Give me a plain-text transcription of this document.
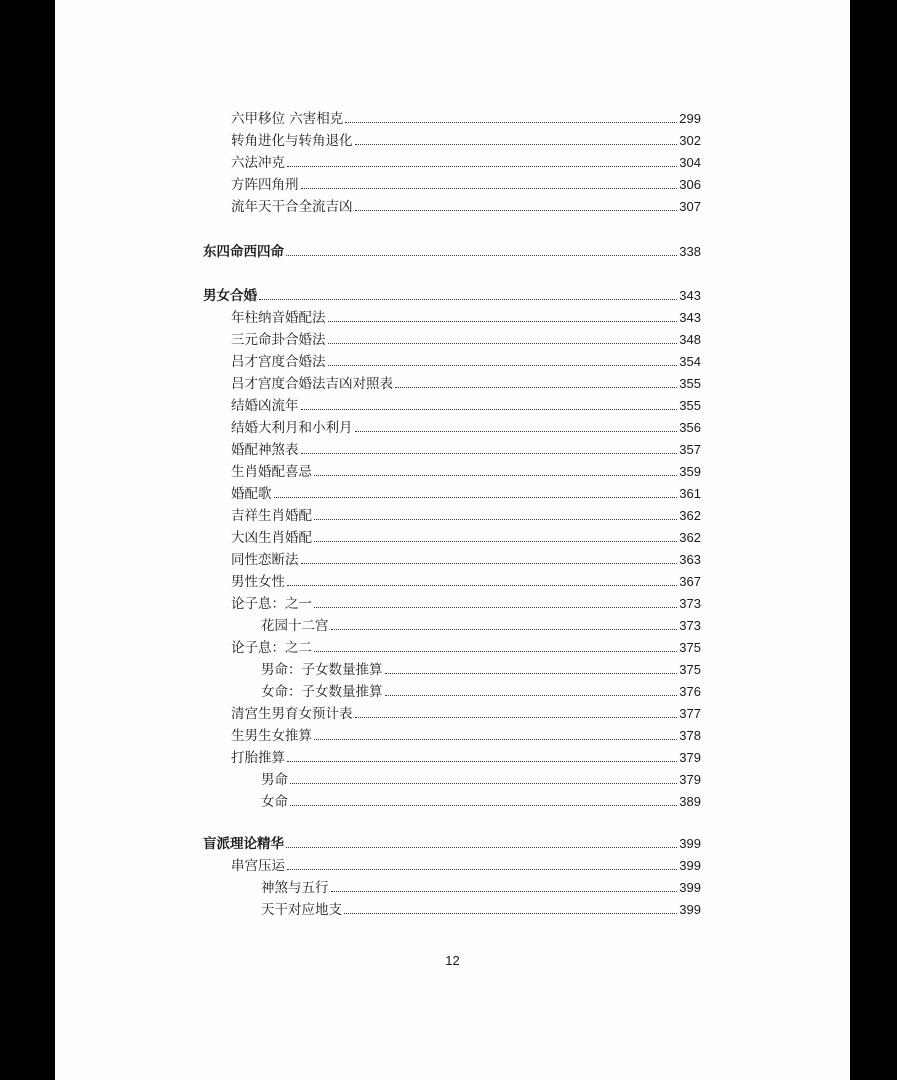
六甲移位 六害相克	299
转角进化与转角退化	302
六法冲克	304
方阵四角刑	306
流年天干合全流吉凶	307
东四命西四命	338
男女合婚	343
年柱纳音婚配法	343
三元命卦合婚法	348
吕才宫度合婚法	354
吕才宫度合婚法吉凶对照表	355
结婚凶流年	355
结婚大利月和小利月	356
婚配神煞表	357
生肖婚配喜忌	359
婚配歌	361
吉祥生肖婚配	362
大凶生肖婚配	362
同性恋断法	363
男性女性	367
论子息：之一	373
花园十二宫	373
论子息：之二	375
男命：子女数量推算	375
女命：子女数量推算	376
清宫生男育女预计表	377
生男生女推算	378
打胎推算	379
男命	379
女命	389
盲派理论精华	399
串宫压运	399
神煞与五行	399
天干对应地支	399
12
